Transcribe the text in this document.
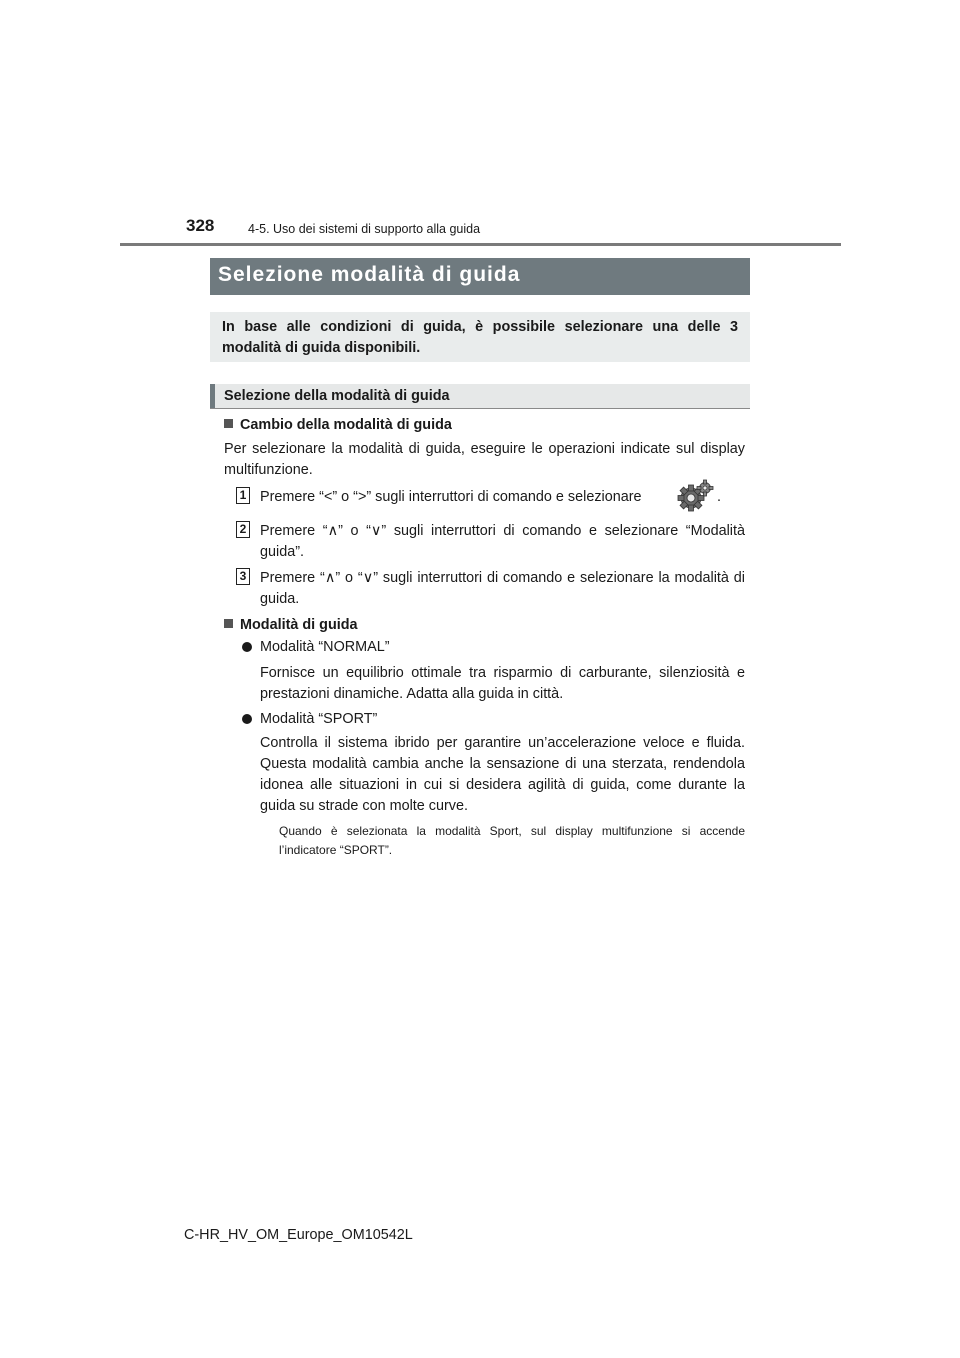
328	4-5. Uso dei sistemi di supporto alla guida
Selezione modalità di guida
In base alle condizioni di guida, è possibile selezionare una delle 3 modalità di guida disponibili.
Selezione della modalità di guida
Cambio della modalità di guida
Per selezionare la modalità di guida, eseguire le operazioni indicate sul display multifunzione.
1 Premere “<” o “>” sugli interruttori di comando e selezionare	.
2 Premere “∧” o “∨” sugli interruttori di comando e selezionare “Modalità guida”.
3 Premere “∧” o “∨” sugli interruttori di comando e selezionare la modalità di guida.
Modalità di guida
Modalità “NORMAL”
Fornisce un equilibrio ottimale tra risparmio di carburante, silenziosità e prestazioni dinamiche. Adatta alla guida in città.
Modalità “SPORT”
Controlla il sistema ibrido per garantire un’accelerazione veloce e fluida. Questa modalità cambia anche la sensazione di una sterzata, rendendola idonea alle situazioni in cui si desidera agilità di guida, come durante la guida su strade con molte curve.
Quando è selezionata la modalità Sport, sul display multifunzione si accende l’indicatore “SPORT”.
C-HR_HV_OM_Europe_OM10542L
